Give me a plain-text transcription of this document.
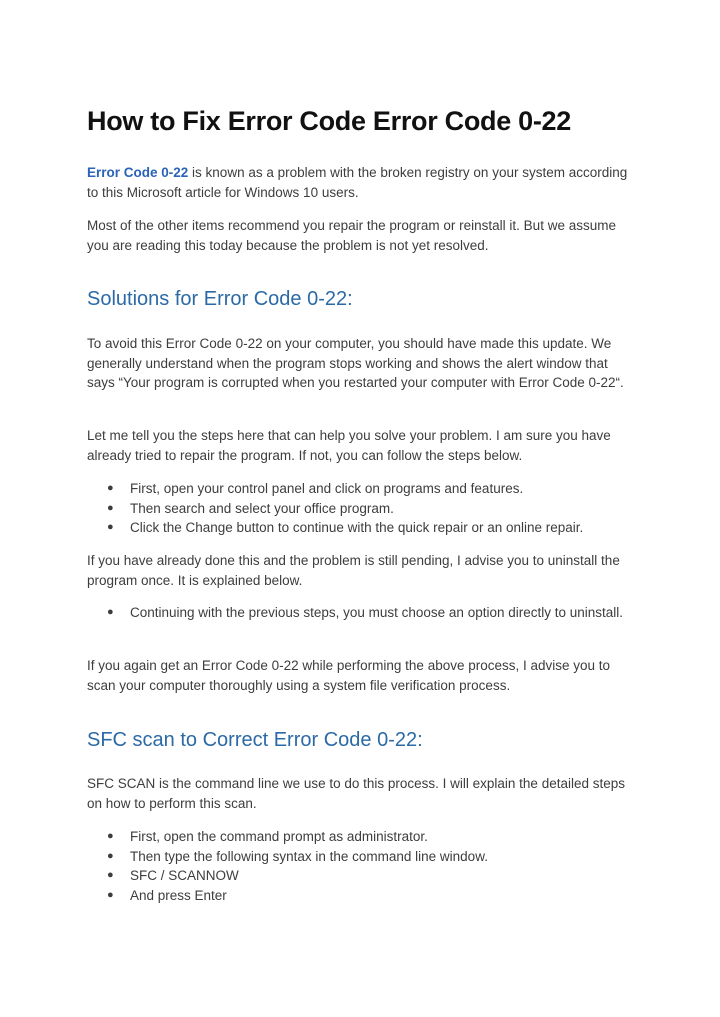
How to Fix Error Code Error Code 0-22

Error Code 0-22 is known as a problem with the broken registry on your system according to this Microsoft article for Windows 10 users.

Most of the other items recommend you repair the program or reinstall it. But we assume you are reading this today because the problem is not yet resolved.

Solutions for Error Code 0-22:

To avoid this Error Code 0-22 on your computer, you should have made this update. We generally understand when the program stops working and shows the alert window that says “Your program is corrupted when you restarted your computer with Error Code 0-22“.

Let me tell you the steps here that can help you solve your problem. I am sure you have already tried to repair the program. If not, you can follow the steps below.

● First, open your control panel and click on programs and features.
● Then search and select your office program.
● Click the Change button to continue with the quick repair or an online repair.

If you have already done this and the problem is still pending, I advise you to uninstall the program once. It is explained below.

● Continuing with the previous steps, you must choose an option directly to uninstall.

If you again get an Error Code 0-22 while performing the above process, I advise you to scan your computer thoroughly using a system file verification process.

SFC scan to Correct Error Code 0-22:

SFC SCAN is the command line we use to do this process. I will explain the detailed steps on how to perform this scan.

● First, open the command prompt as administrator.
● Then type the following syntax in the command line window.
● SFC / SCANNOW
● And press Enter
